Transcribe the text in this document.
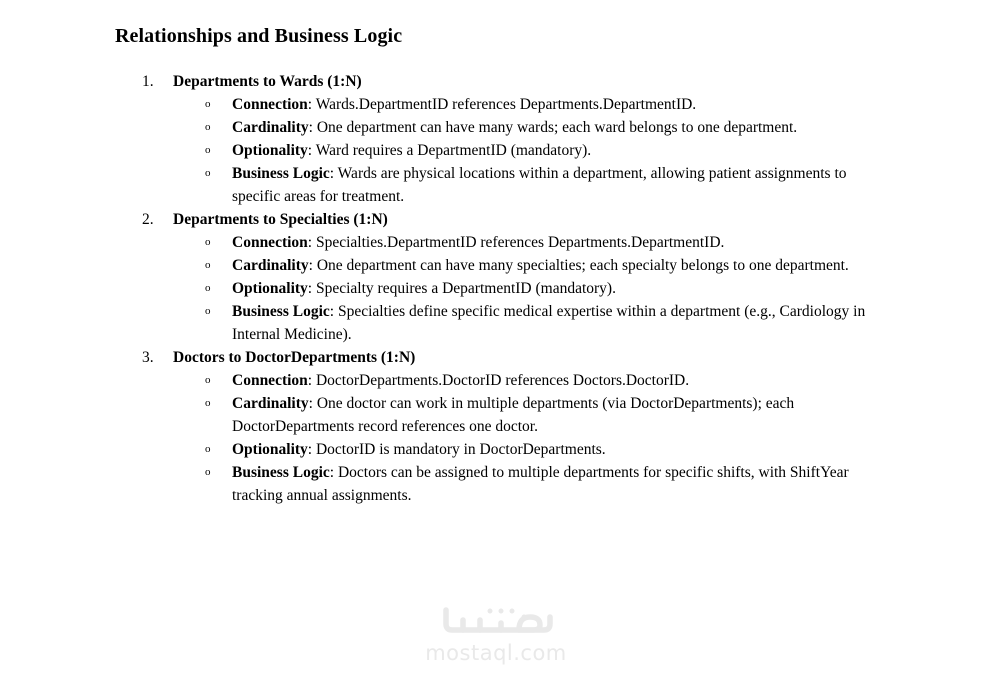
Relationships and Business Logic
1.	Departments to Wards (1:N)
o	Connection: Wards.DepartmentID references Departments.DepartmentID.
o	Cardinality: One department can have many wards; each ward belongs to one department.
o	Optionality: Ward requires a DepartmentID (mandatory).
o	Business Logic: Wards are physical locations within a department, allowing patient assignments to specific areas for treatment.
2.	Departments to Specialties (1:N)
o	Connection: Specialties.DepartmentID references Departments.DepartmentID.
o	Cardinality: One department can have many specialties; each specialty belongs to one department.
o	Optionality: Specialty requires a DepartmentID (mandatory).
o	Business Logic: Specialties define specific medical expertise within a department (e.g., Cardiology in Internal Medicine).
3.	Doctors to DoctorDepartments (1:N)
o	Connection: DoctorDepartments.DoctorID references Doctors.DoctorID.
o	Cardinality: One doctor can work in multiple departments (via DoctorDepartments); each DoctorDepartments record references one doctor.
o	Optionality: DoctorID is mandatory in DoctorDepartments.
o	Business Logic: Doctors can be assigned to multiple departments for specific shifts, with ShiftYear tracking annual assignments.
mostaql.com
